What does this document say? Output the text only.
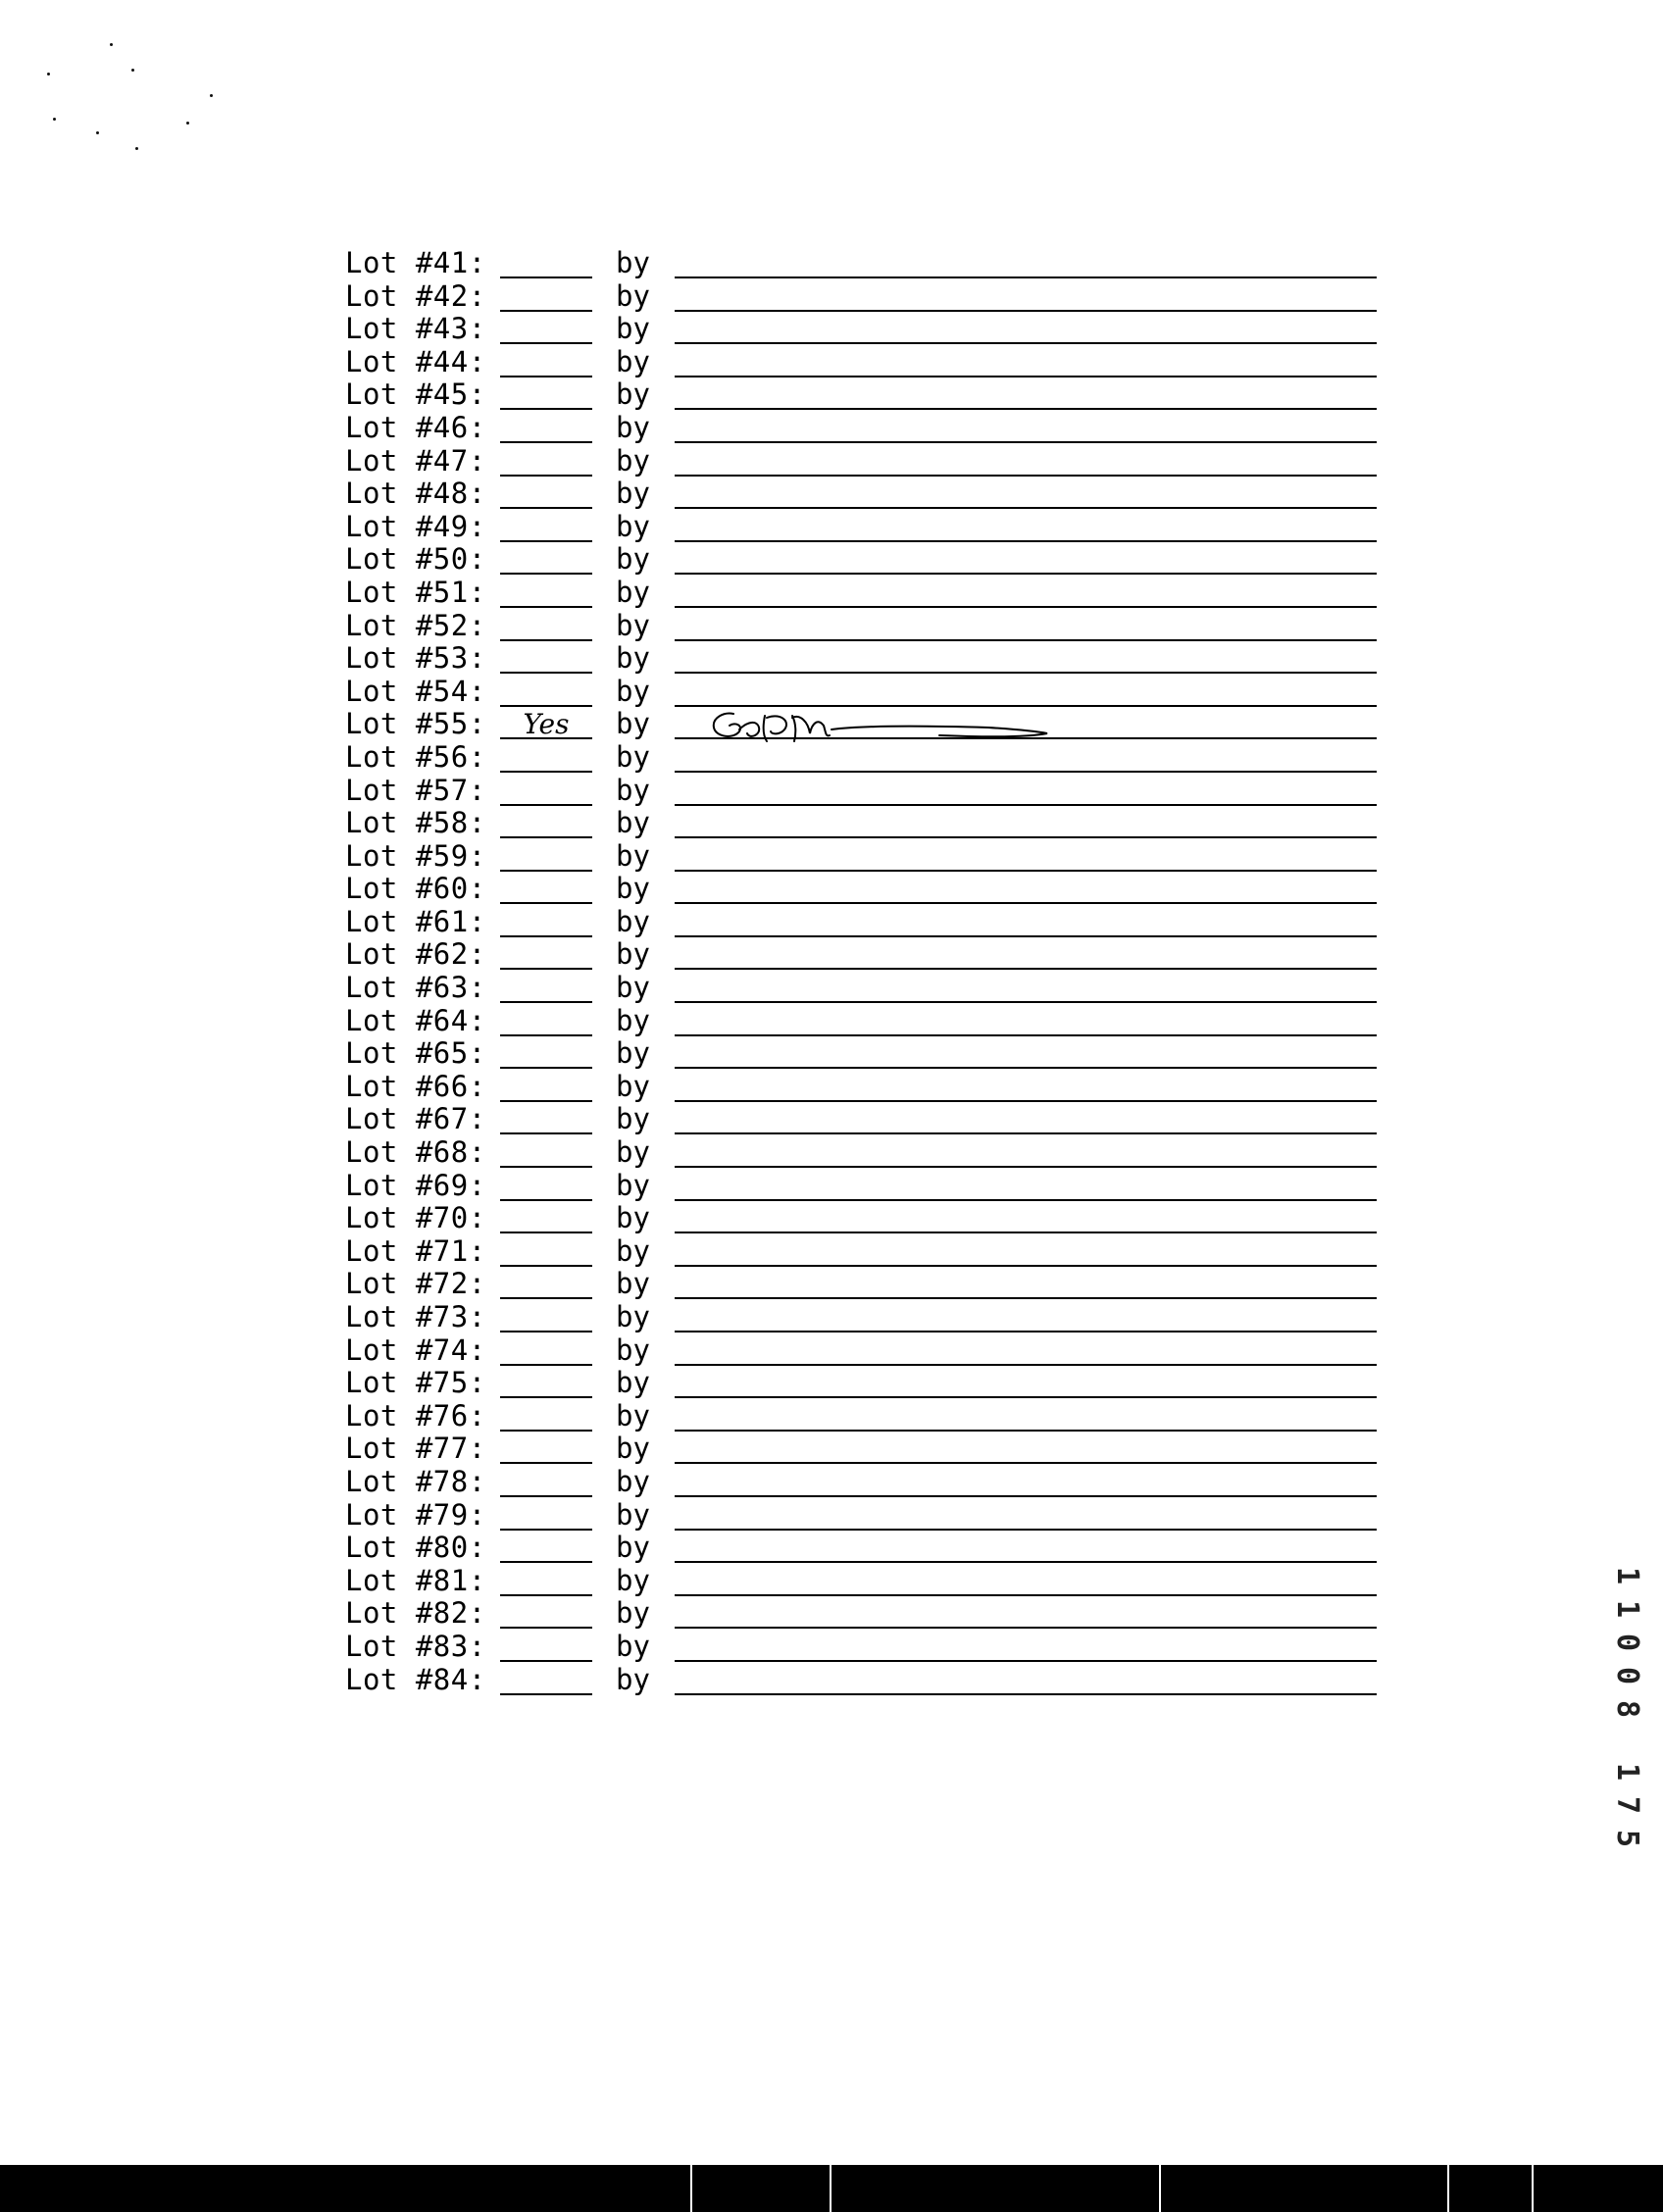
Lot #41:	by
Lot #42:	by
Lot #43:	by
Lot #44:	by
Lot #45:	by
Lot #46:	by
Lot #47:	by
Lot #48:	by
Lot #49:	by
Lot #50:	by
Lot #51:	by
Lot #52:	by
Lot #53:	by
Lot #54:	by
Lot #55:	Yes	by
Lot #56:	by
Lot #57:	by
Lot #58:	by
Lot #59:	by
Lot #60:	by
Lot #61:	by
Lot #62:	by
Lot #63:	by
Lot #64:	by
Lot #65:	by
Lot #66:	by
Lot #67:	by
Lot #68:	by
Lot #69:	by
Lot #70:	by
Lot #71:	by
Lot #72:	by
Lot #73:	by
Lot #74:	by
Lot #75:	by
Lot #76:	by
Lot #77:	by
Lot #78:	by
Lot #79:	by
Lot #80:	by
Lot #81:	by
Lot #82:	by
Lot #83:	by
Lot #84:	by
1
1
0
0
8
1
7
5
